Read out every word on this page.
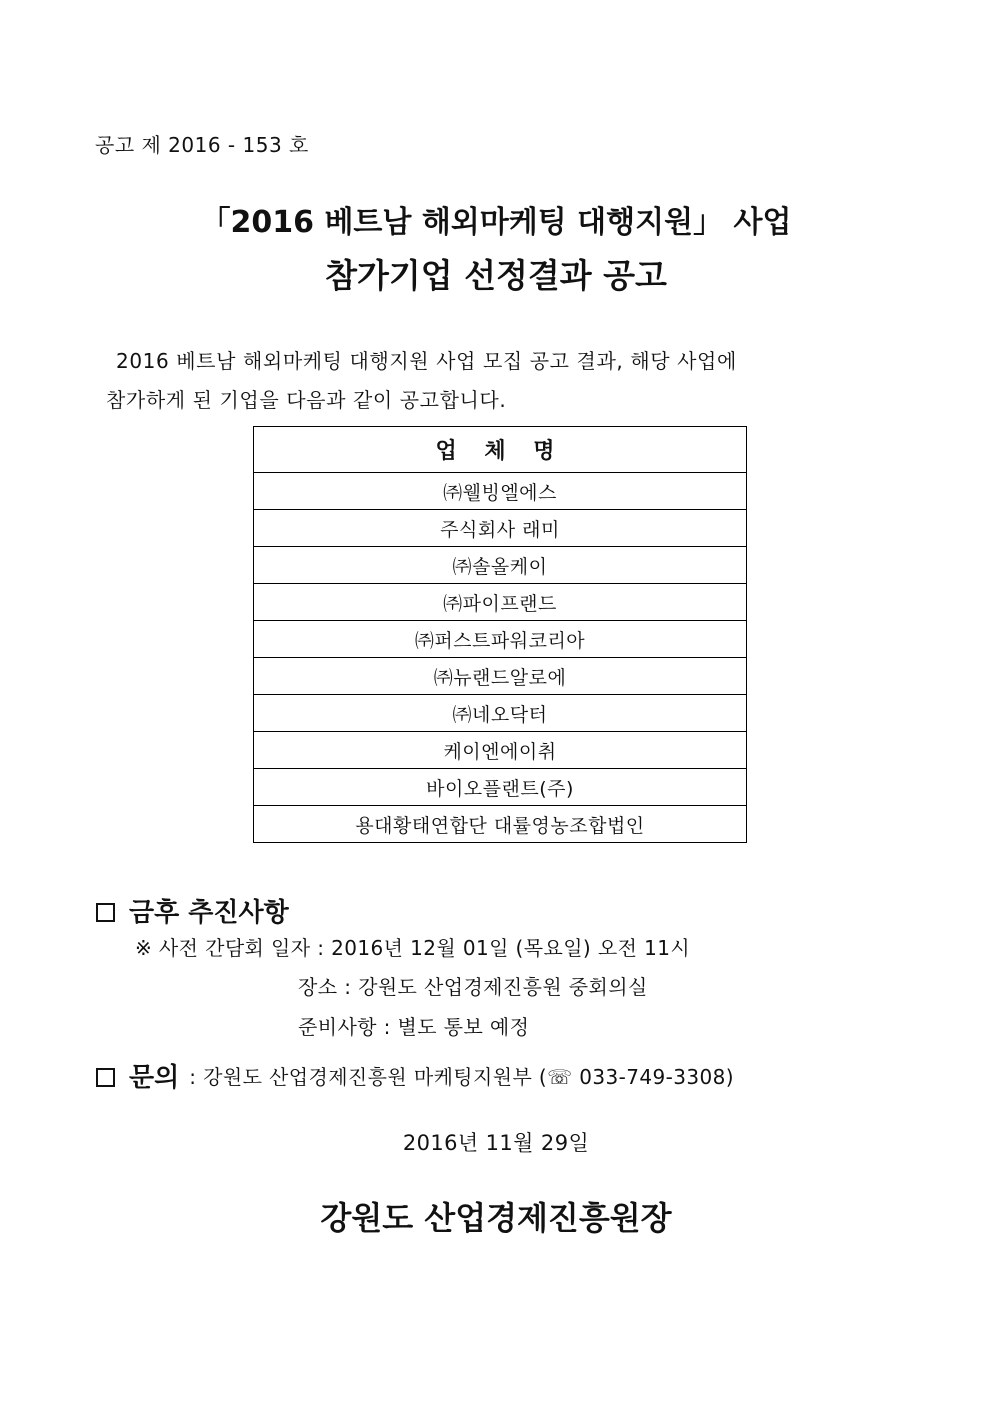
공고 제 2016 - 153 호
「2016 베트남 해외마케팅 대행지원」 사업
참가기업 선정결과 공고
2016 베트남 해외마케팅 대행지원 사업 모집 공고 결과, 해당 사업에
참가하게 된 기업을 다음과 같이 공고합니다.
업 체 명
㈜웰빙엘에스
주식회사 래미
㈜솔올케이
㈜파이프랜드
㈜퍼스트파워코리아
㈜뉴랜드알로에
㈜네오닥터
케이엔에이취
바이오플랜트(주)
용대황태연합단 대률영농조합법인
금후 추진사항
※ 사전 간담회 일자 : 2016년 12월 01일 (목요일) 오전 11시
장소 : 강원도 산업경제진흥원 중회의실
준비사항 : 별도 통보 예정
문의 : 강원도 산업경제진흥원 마케팅지원부 (☏ 033-749-3308)
2016년 11월 29일
강원도 산업경제진흥원장
